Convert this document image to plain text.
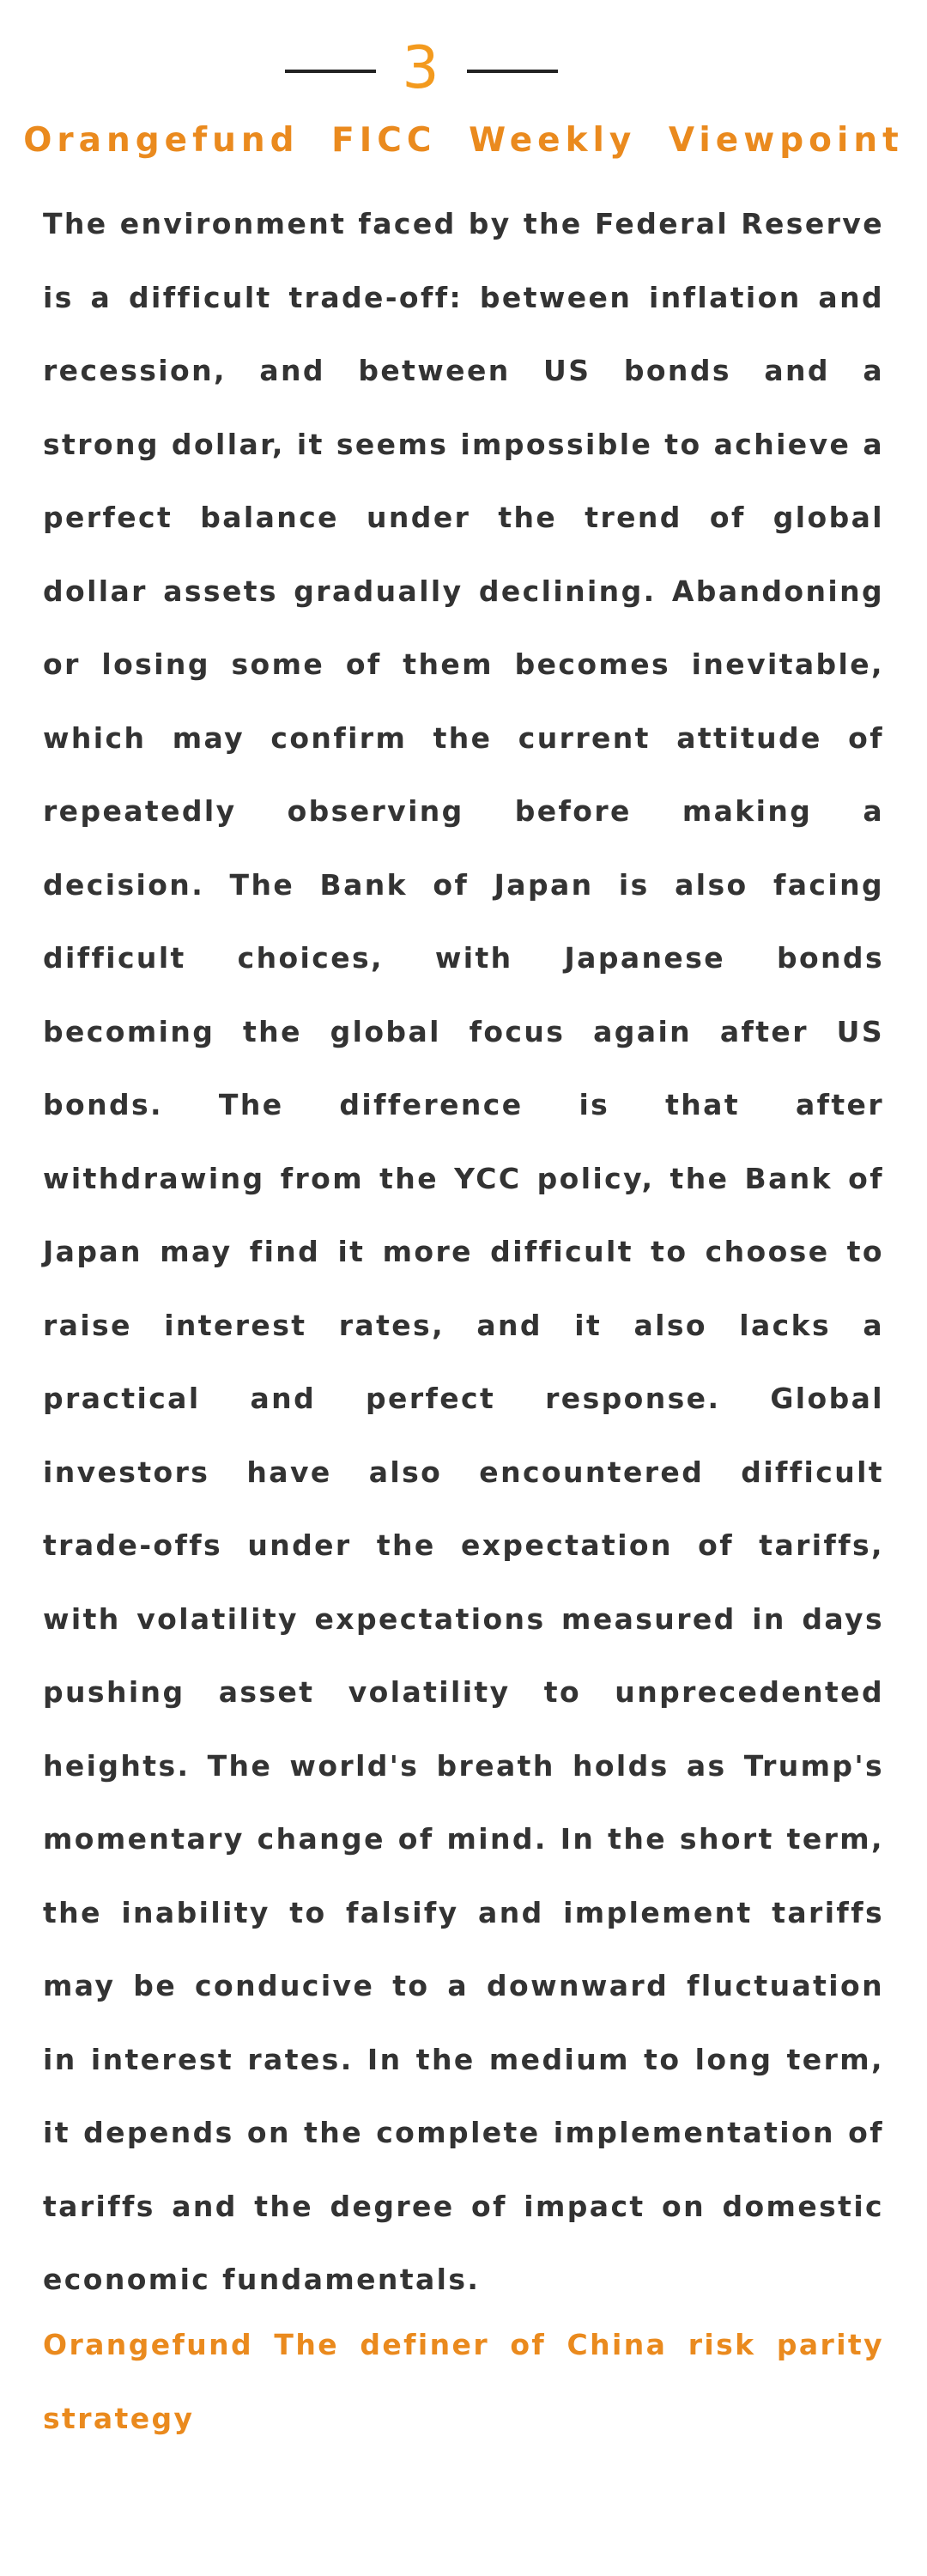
3
Orangefund FICC Weekly Viewpoint

The environment faced by the Federal Reserve is a difficult trade-off: between inflation and recession, and between US bonds and a strong dollar, it seems impossible to achieve a perfect balance under the trend of global dollar assets gradually declining. Abandoning or losing some of them becomes inevitable, which may confirm the current attitude of repeatedly observing before making a decision. The Bank of Japan is also facing difficult choices, with Japanese bonds becoming the global focus again after US bonds. The difference is that after withdrawing from the YCC policy, the Bank of Japan may find it more difficult to choose to raise interest rates, and it also lacks a practical and perfect response. Global investors have also encountered difficult trade-offs under the expectation of tariffs, with volatility expectations measured in days pushing asset volatility to unprecedented heights. The world's breath holds as Trump's momentary change of mind. In the short term, the inability to falsify and implement tariffs may be conducive to a downward fluctuation in interest rates. In the medium to long term, it depends on the complete implementation of tariffs and the degree of impact on domestic economic fundamentals.

Orangefund The definer of China risk parity strategy
